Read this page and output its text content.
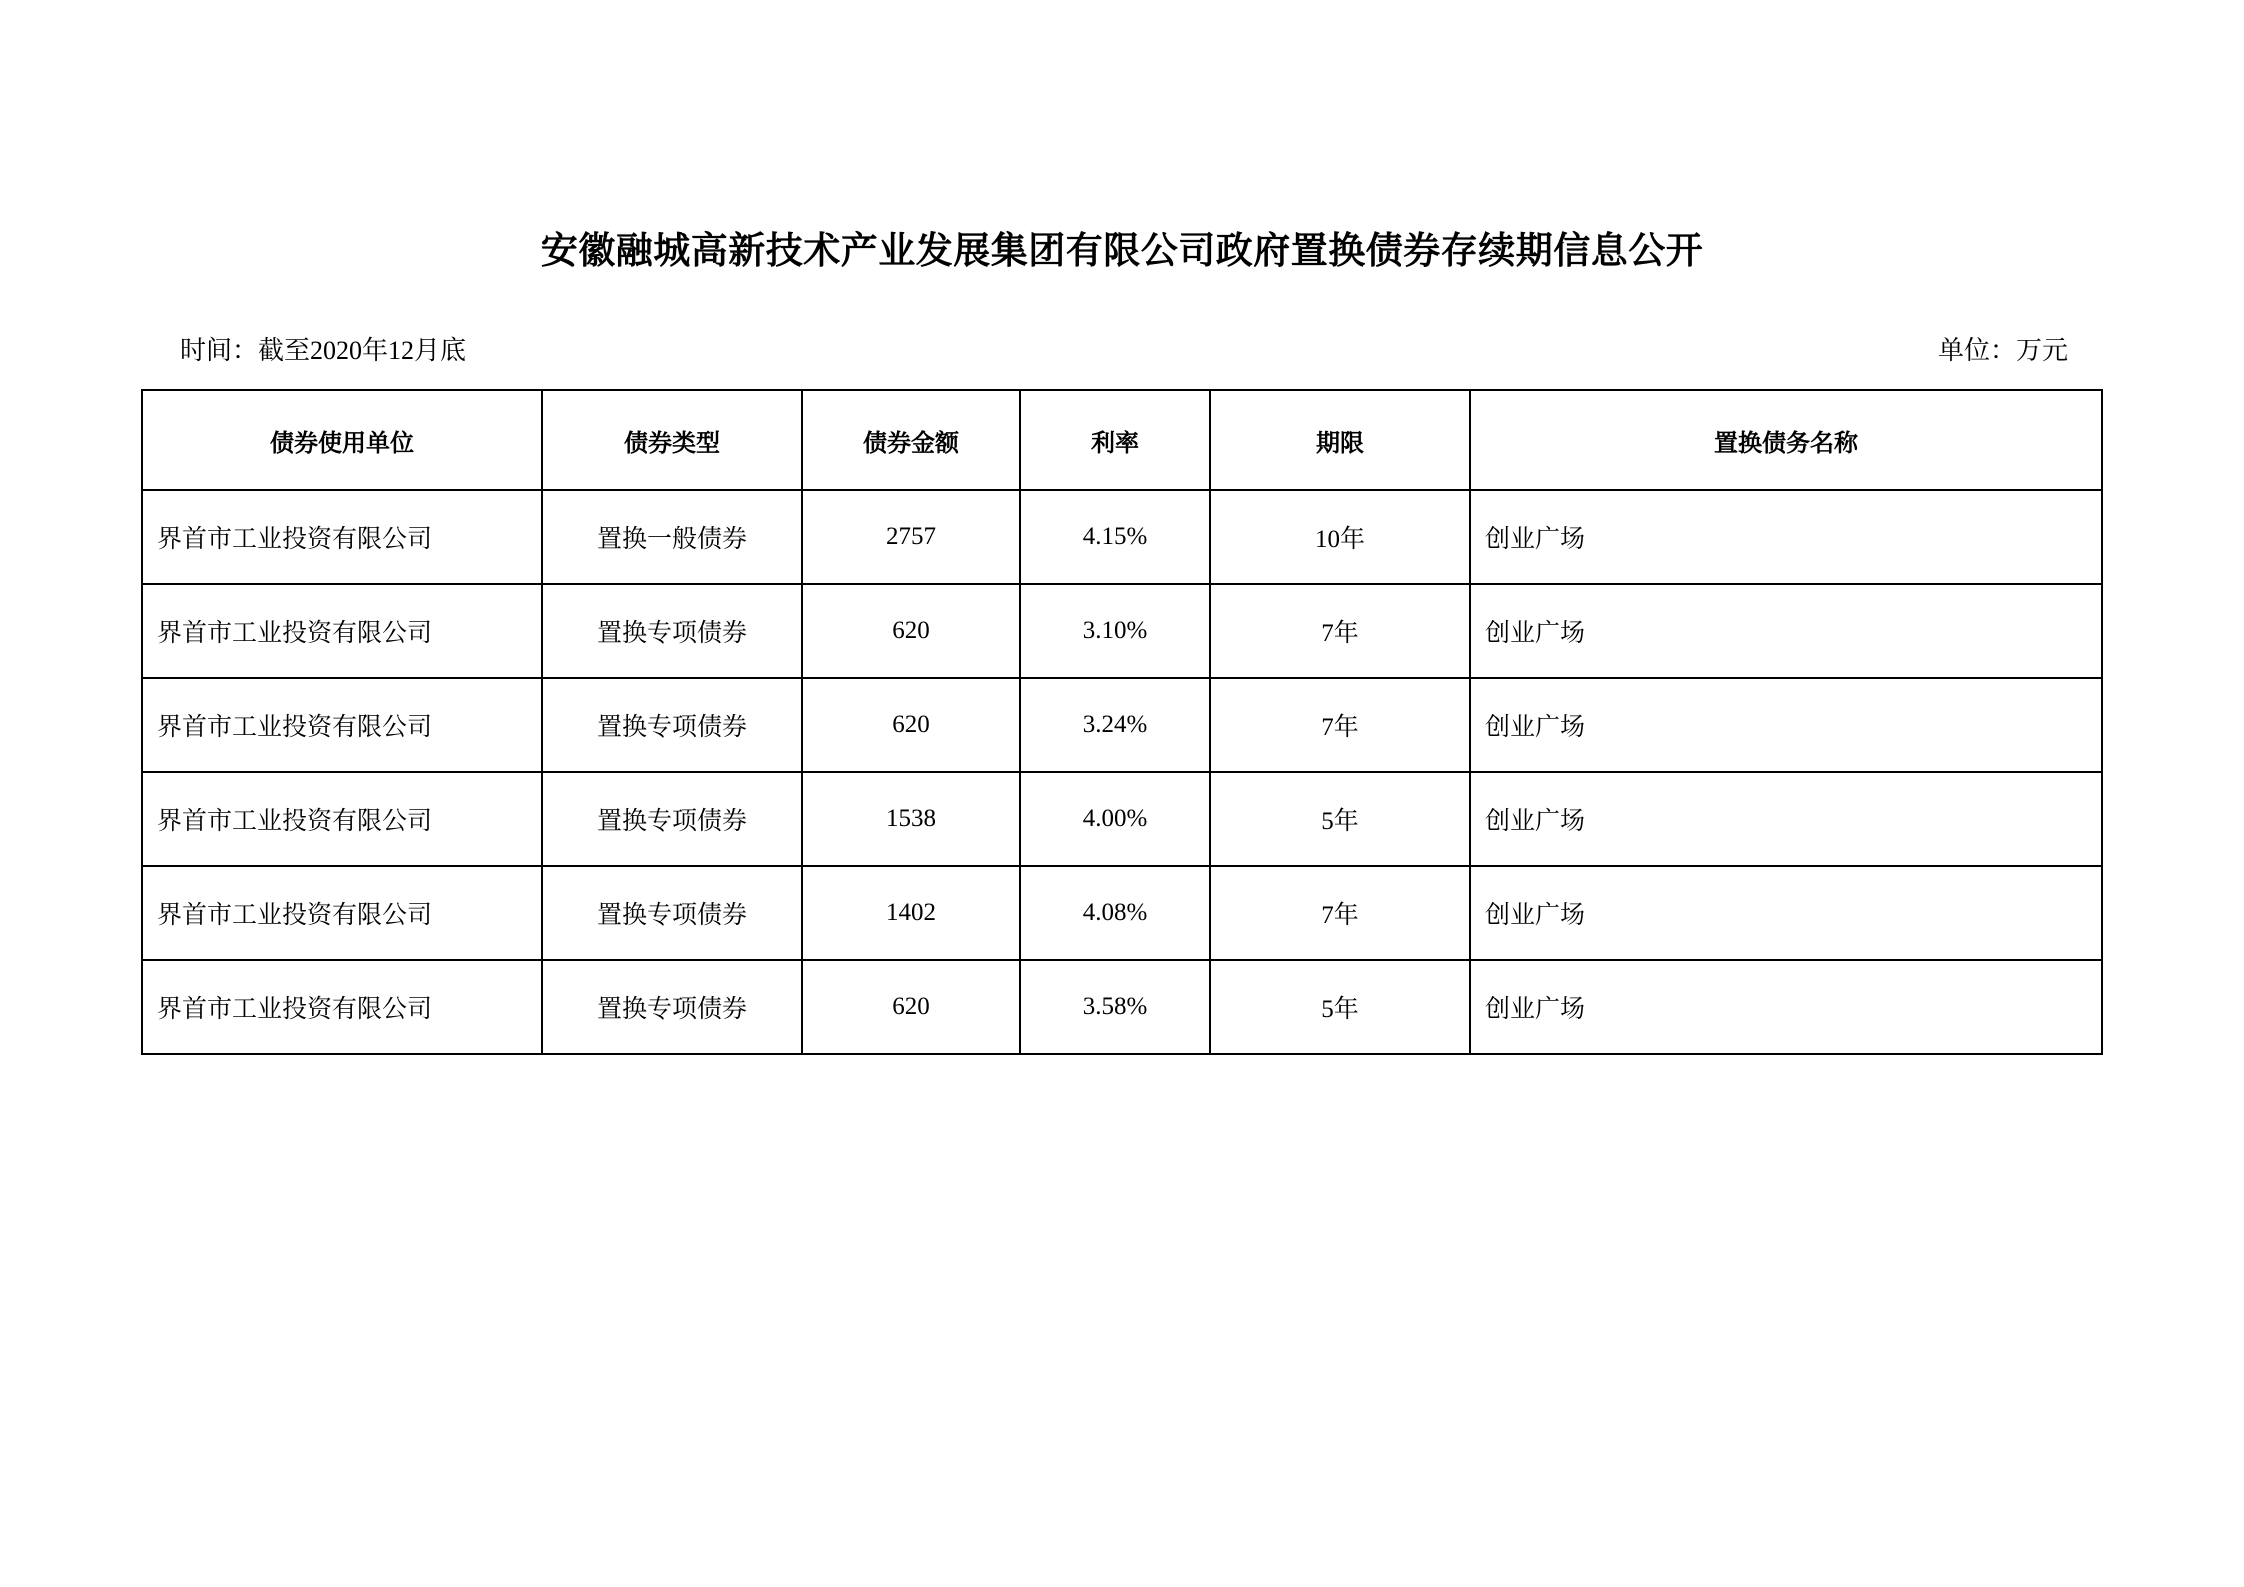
安徽融城高新技术产业发展集团有限公司政府置换债券存续期信息公开
时间：截至2020年12月底	单位：万元
债券使用单位	债券类型	债券金额	利率	期限	置换债务名称
界首市工业投资有限公司	置换一般债券	2757	4.15%	10年	创业广场
界首市工业投资有限公司	置换专项债券	620	3.10%	7年	创业广场
界首市工业投资有限公司	置换专项债券	620	3.24%	7年	创业广场
界首市工业投资有限公司	置换专项债券	1538	4.00%	5年	创业广场
界首市工业投资有限公司	置换专项债券	1402	4.08%	7年	创业广场
界首市工业投资有限公司	置换专项债券	620	3.58%	5年	创业广场
